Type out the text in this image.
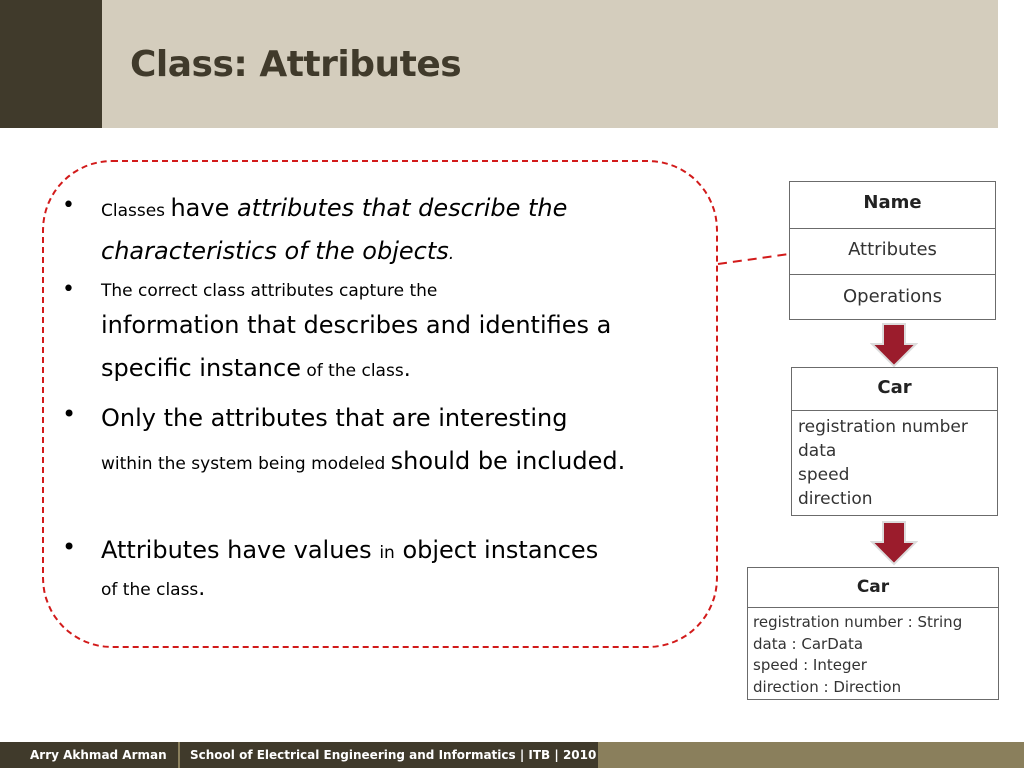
Class: Attributes
• Classes have attributes that describe the characteristics of the objects.
• The correct class attributes capture the
information that describes and identifies a specific instance of the class.
• Only the attributes that are interesting
within the system being modeled should be included.
• Attributes have values in object instances
of the class.
Name
Attributes
Operations
Car
registration number
data
speed
direction
Car
registration number : String
data : CarData
speed : Integer
direction : Direction
Arry Akhmad Arman	School of Electrical Engineering and Informatics | ITB | 2010
